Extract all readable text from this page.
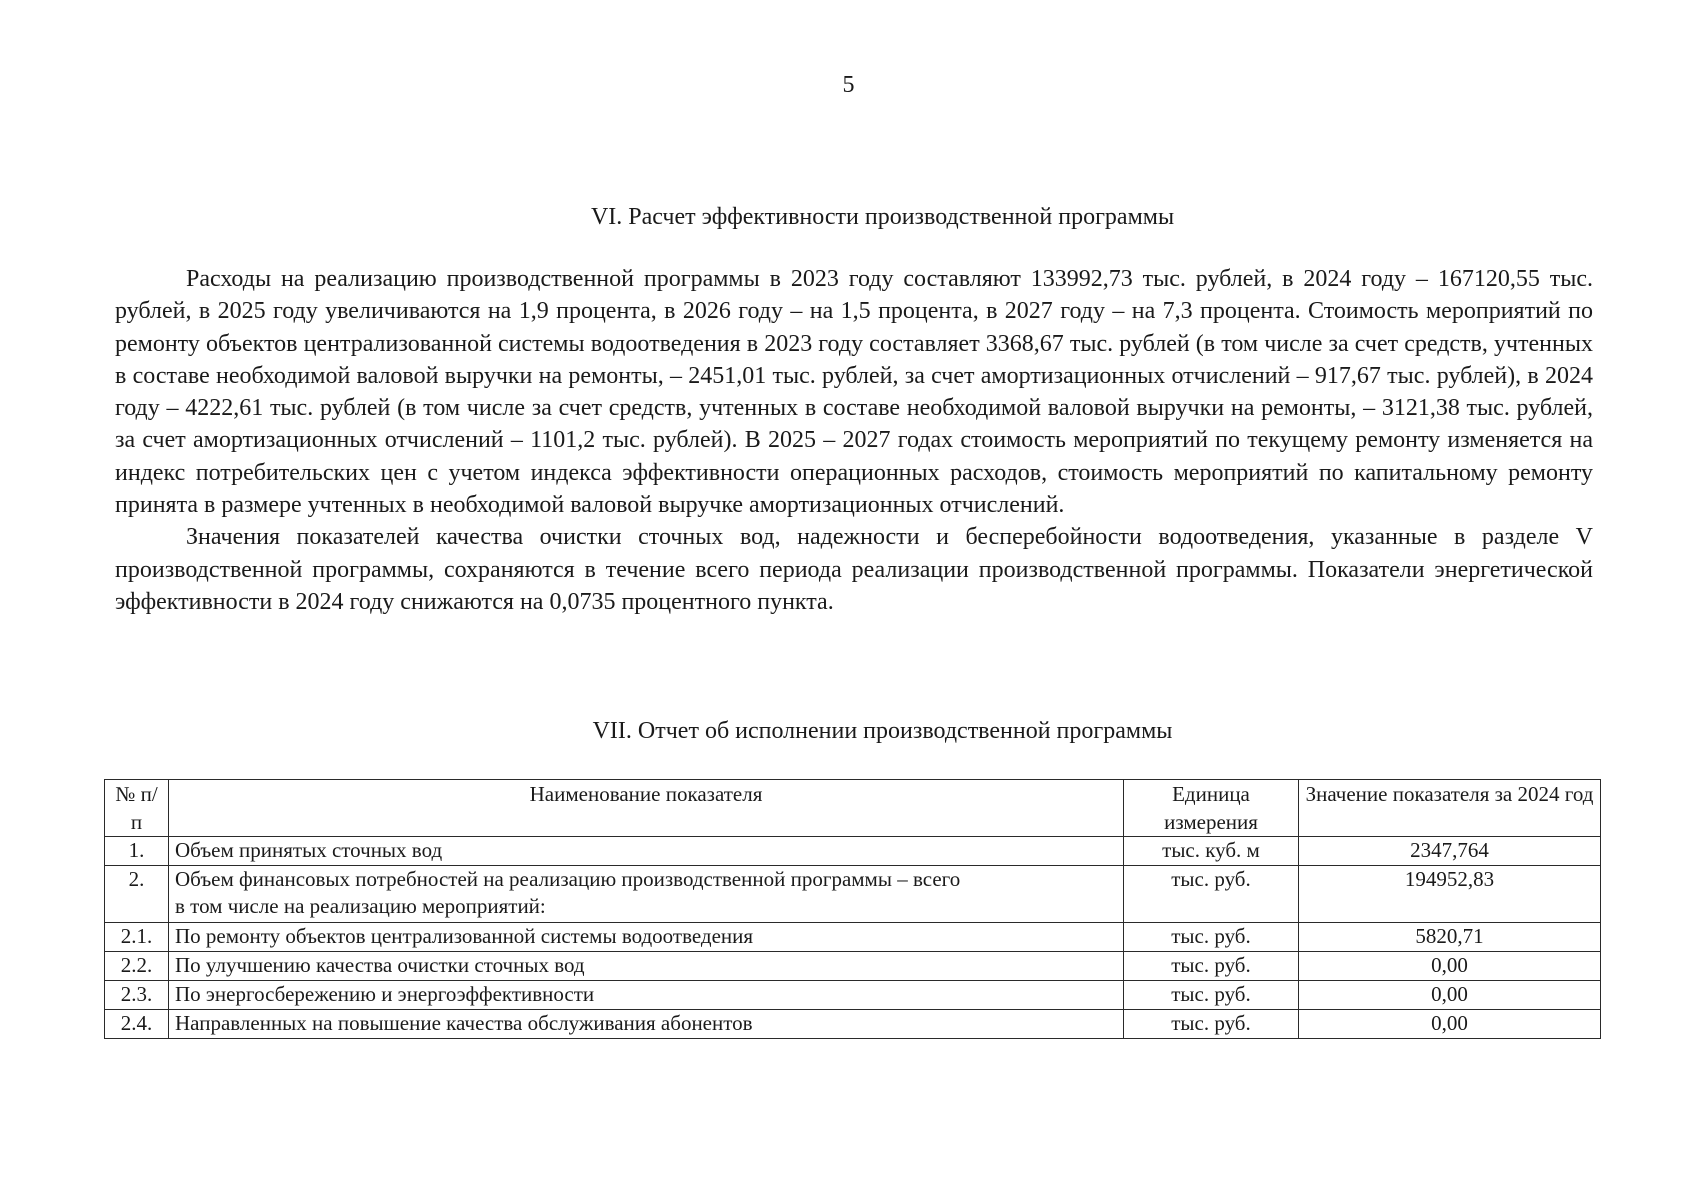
5
VI. Расчет эффективности производственной программы

Расходы на реализацию производственной программы в 2023 году составляют 133992,73 тыс. рублей, в 2024 году – 167120,55 тыс. рублей, в 2025 году увеличиваются на 1,9 процента, в 2026 году – на 1,5 процента, в 2027 году – на 7,3 процента. Стоимость мероприятий по ремонту объектов централизованной системы водоотведения в 2023 году составляет 3368,67 тыс. рублей (в том числе за счет средств, учтенных в составе необходимой валовой выручки на ремонты, – 2451,01 тыс. рублей, за счет амортизационных отчислений – 917,67 тыс. рублей), в 2024 году – 4222,61 тыс. рублей (в том числе за счет средств, учтенных в составе необходимой валовой выручки на ремонты, – 3121,38 тыс. рублей, за счет амортизационных отчислений – 1101,2 тыс. рублей). В 2025 – 2027 годах стоимость мероприятий по текущему ремонту изменяется на индекс потребительских цен с учетом индекса эффективности операционных расходов, стоимость мероприятий по капитальному ремонту принята в размере учтенных в необходимой валовой выручке амортизационных отчислений.

Значения показателей качества очистки сточных вод, надежности и бесперебойности водоотведения, указанные в разделе V производственной программы, сохраняются в течение всего периода реализации производственной программы. Показатели энергетической эффективности в 2024 году снижаются на 0,0735 процентного пункта.

VII. Отчет об исполнении производственной программы
№ п/п	Наименование показателя	Единица измерения	Значение показателя за 2024 год
1.	Объем принятых сточных вод	тыс. куб. м	2347,764
2.	Объем финансовых потребностей на реализацию производственной программы – всего
в том числе на реализацию мероприятий:	тыс. руб.	194952,83
2.1.	По ремонту объектов централизованной системы водоотведения	тыс. руб.	5820,71
2.2.	По улучшению качества очистки сточных вод	тыс. руб.	0,00
2.3.	По энергосбережению и энергоэффективности	тыс. руб.	0,00
2.4.	Направленных на повышение качества обслуживания абонентов	тыс. руб.	0,00
